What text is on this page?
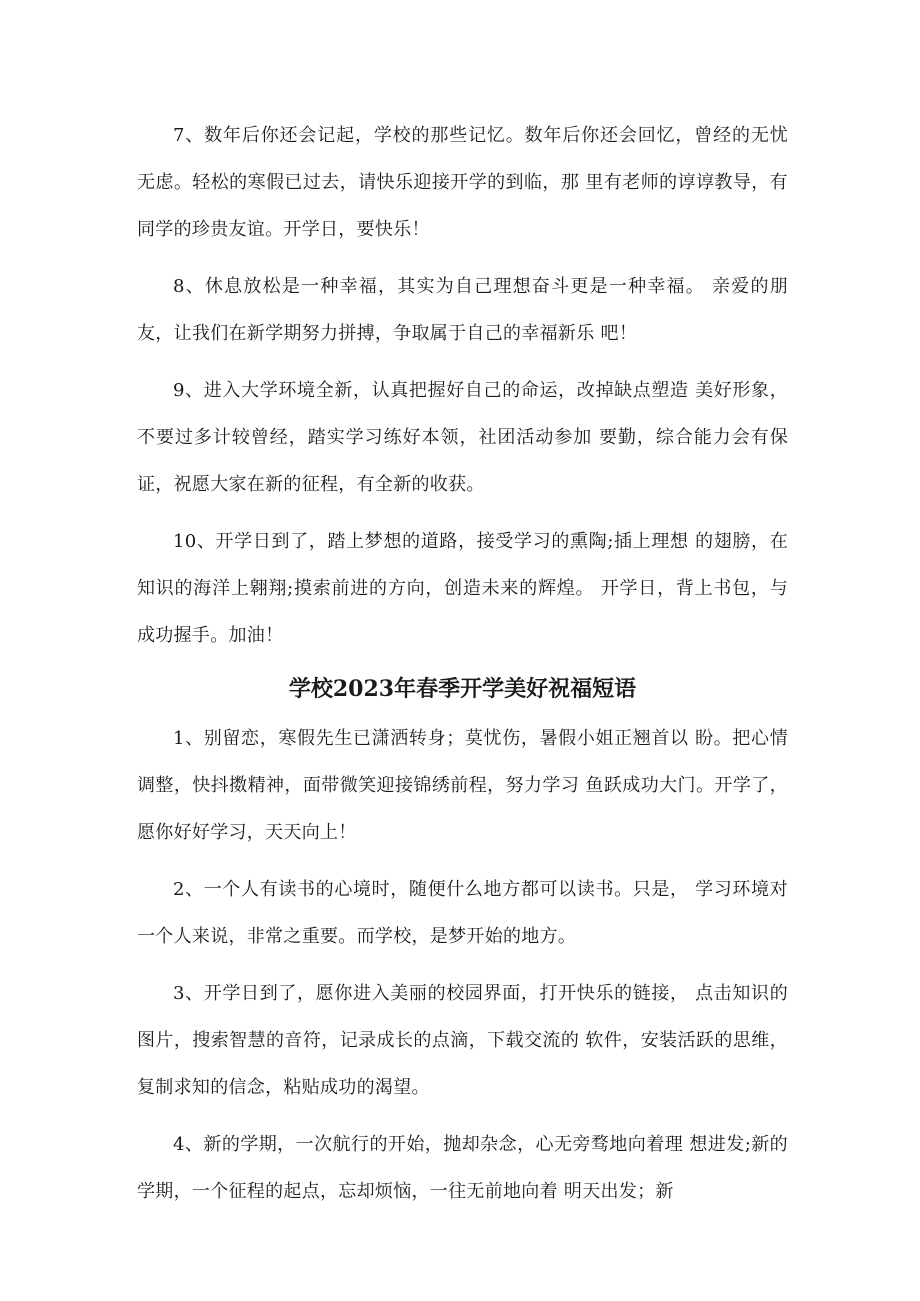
7、数年后你还会记起，学校的那些记忆。数年后你还会回忆，曾经的无忧无虑。轻松的寒假已过去，请快乐迎接开学的到临，那 里有老师的谆谆教导，有同学的珍贵友谊。开学日，要快乐！

8、休息放松是一种幸福，其实为自己理想奋斗更是一种幸福。 亲爱的朋友，让我们在新学期努力拼搏，争取属于自己的幸福新乐 吧！

9、进入大学环境全新，认真把握好自己的命运，改掉缺点塑造 美好形象，不要过多计较曾经，踏实学习练好本领，社团活动参加 要勤，综合能力会有保证，祝愿大家在新的征程，有全新的收获。

10、开学日到了，踏上梦想的道路，接受学习的熏陶;插上理想 的翅膀，在知识的海洋上翱翔;摸索前进的方向，创造未来的辉煌。 开学日，背上书包，与成功握手。加油！

学校2023年春季开学美好祝福短语

1、别留恋，寒假先生已潇洒转身；莫忧伤，暑假小姐正翘首以 盼。把心情调整，快抖擞精神，面带微笑迎接锦绣前程，努力学习 鱼跃成功大门。开学了，愿你好好学习，天天向上！

2、一个人有读书的心境时，随便什么地方都可以读书。只是， 学习环境对一个人来说，非常之重要。而学校，是梦开始的地方。

3、开学日到了，愿你进入美丽的校园界面，打开快乐的链接， 点击知识的图片，搜索智慧的音符，记录成长的点滴，下载交流的 软件，安装活跃的思维，复制求知的信念，粘贴成功的渴望。

4、新的学期，一次航行的开始，抛却杂念，心无旁骛地向着理 想进发;新的学期，一个征程的起点，忘却烦恼，一往无前地向着 明天出发；新
